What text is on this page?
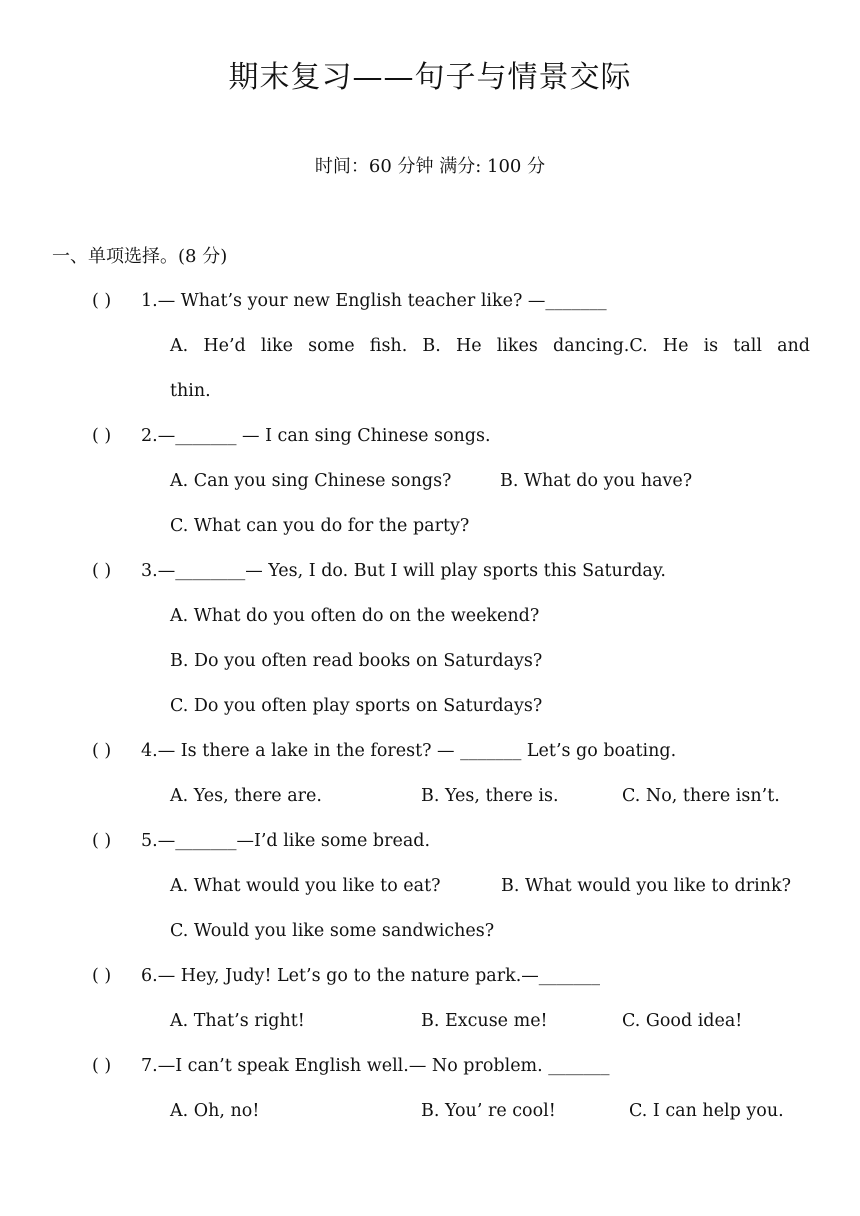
期末复习——句子与情景交际
时间：60 分钟 满分: 100 分
一、单项选择。(8 分)
( ) 1.— What’s your new English teacher like? —_______
A. He’d like some fish. B. He likes dancing.C. He is tall and
thin.
( ) 2.—_______ — I can sing Chinese songs.
A. Can you sing Chinese songs?	B. What do you have?
C. What can you do for the party?
( ) 3.—________— Yes, I do. But I will play sports this Saturday.
A. What do you often do on the weekend?
B. Do you often read books on Saturdays?
C. Do you often play sports on Saturdays?
( ) 4.— Is there a lake in the forest? — _______ Let’s go boating.
A. Yes, there are.	B. Yes, there is.	C. No, there isn’t.
( ) 5.—_______—I’d like some bread.
A. What would you like to eat?	B. What would you like to drink?
C. Would you like some sandwiches?
( ) 6.— Hey, Judy! Let’s go to the nature park.—_______
A. That’s right!	B. Excuse me!	C. Good idea!
( ) 7.—I can’t speak English well.— No problem. _______
A. Oh, no!	B. You’ re cool!	C. I can help you.
